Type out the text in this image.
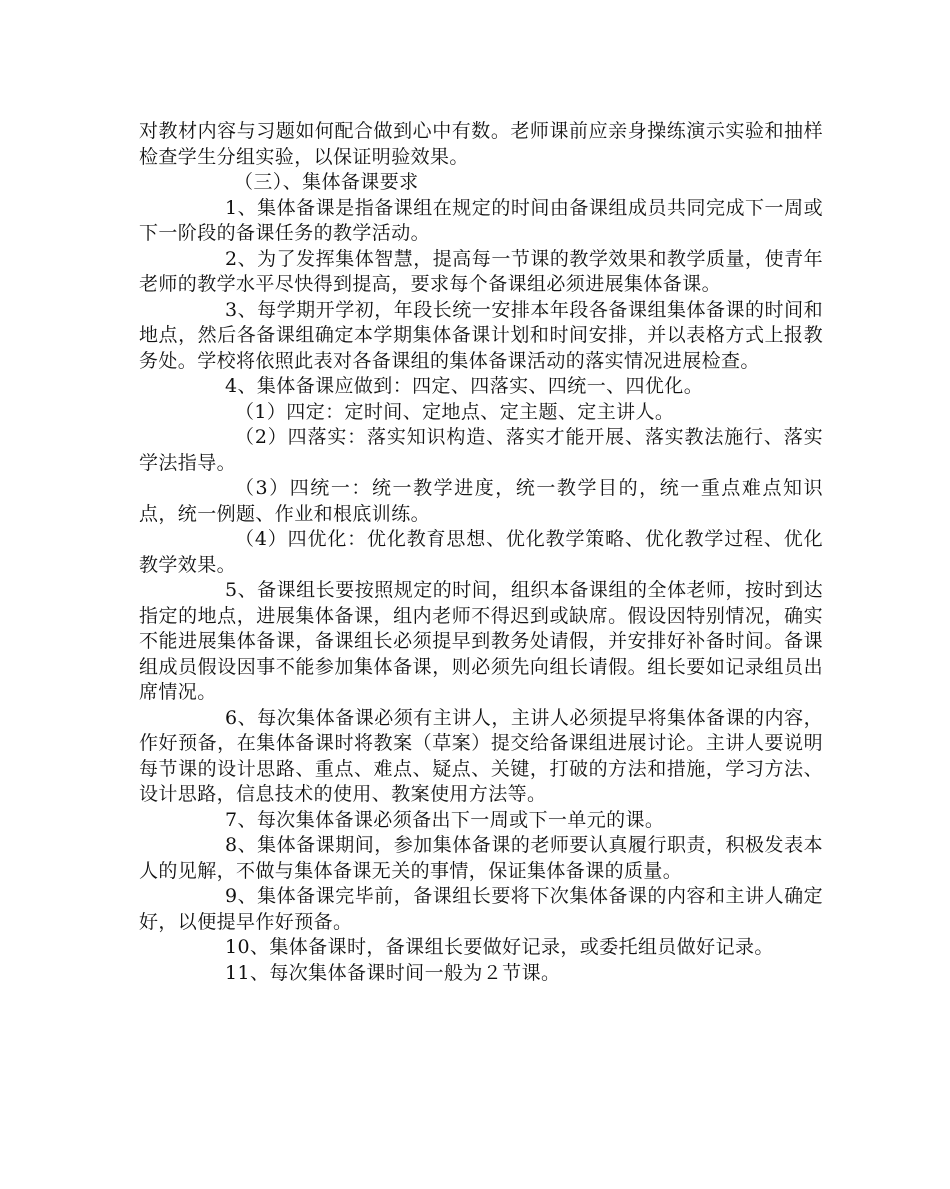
对教材内容与习题如何配合做到心中有数。老师课前应亲身操练演示实验和抽样检查学生分组实验，以保证明验效果。

（三）、集体备课要求

1、集体备课是指备课组在规定的时间由备课组成员共同完成下一周或下一阶段的备课任务的教学活动。

2、为了发挥集体智慧，提高每一节课的教学效果和教学质量，使青年老师的教学水平尽快得到提高，要求每个备课组必须进展集体备课。

3、每学期开学初，年段长统一安排本年段各备课组集体备课的时间和地点，然后各备课组确定本学期集体备课计划和时间安排，并以表格方式上报教务处。学校将依照此表对各备课组的集体备课活动的落实情况进展检查。

4、集体备课应做到：四定、四落实、四统一、四优化。

（1）四定：定时间、定地点、定主题、定主讲人。

（2）四落实：落实知识构造、落实才能开展、落实教法施行、落实学法指导。

（3）四统一：统一教学进度，统一教学目的，统一重点难点知识点，统一例题、作业和根底训练。

（4）四优化：优化教育思想、优化教学策略、优化教学过程、优化教学效果。

5、备课组长要按照规定的时间，组织本备课组的全体老师，按时到达指定的地点，进展集体备课，组内老师不得迟到或缺席。假设因特别情况，确实不能进展集体备课，备课组长必须提早到教务处请假，并安排好补备时间。备课组成员假设因事不能参加集体备课，则必须先向组长请假。组长要如记录组员出席情况。

6、每次集体备课必须有主讲人，主讲人必须提早将集体备课的内容，作好预备，在集体备课时将教案（草案）提交给备课组进展讨论。主讲人要说明每节课的设计思路、重点、难点、疑点、关键，打破的方法和措施，学习方法、设计思路，信息技术的使用、教案使用方法等。

7、每次集体备课必须备出下一周或下一单元的课。

8、集体备课期间，参加集体备课的老师要认真履行职责，积极发表本人的见解，不做与集体备课无关的事情，保证集体备课的质量。

9、集体备课完毕前，备课组长要将下次集体备课的内容和主讲人确定好，以便提早作好预备。

10、集体备课时，备课组长要做好记录，或委托组员做好记录。

11、每次集体备课时间一般为２节课。
